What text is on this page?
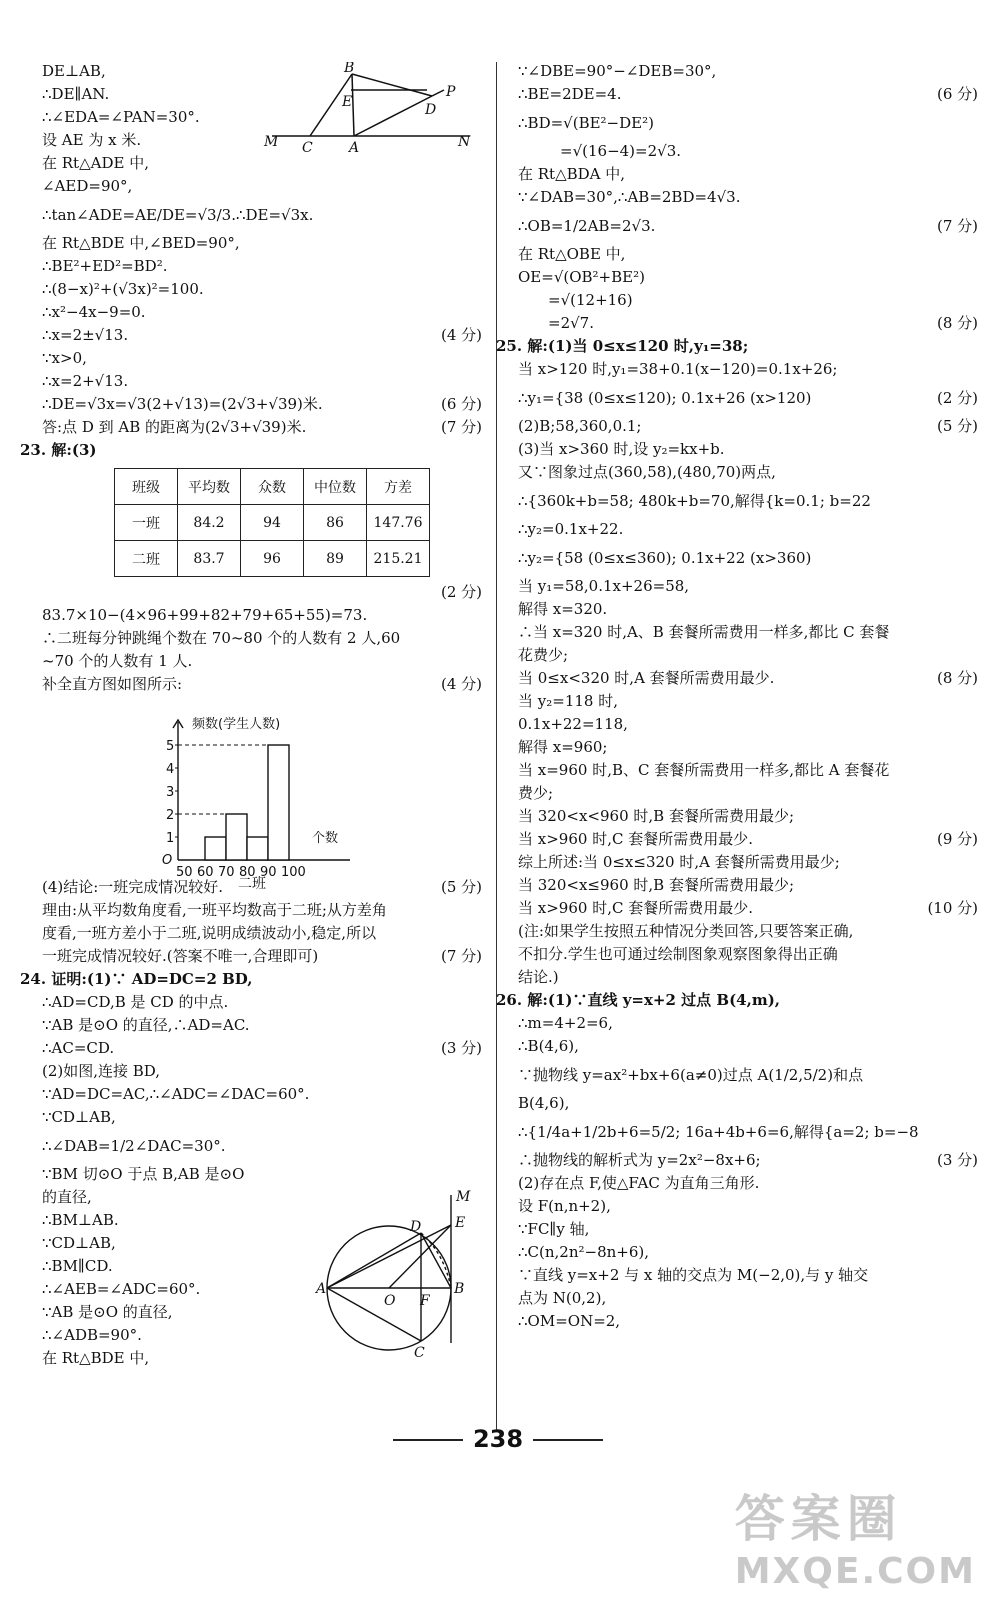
DE⊥AB,
∴DE∥AN.
∴∠EDA=∠PAN=30°.
设 AE 为 x 米.
在 Rt△ADE 中,
∠AED=90°,
∴tan∠ADE=AE/DE=√3/3.∴DE=√3x.
在 Rt△BDE 中,∠BED=90°,
∴BE²+ED²=BD².
∴(8−x)²+(√3x)²=100.
∴x²−4x−9=0.
∴x=2±√13.	(4 分)
∵x>0,
∴x=2+√13.
∴DE=√3x=√3(2+√13)=(2√3+√39)米.	(6 分)
答:点 D 到 AB 的距离为(2√3+√39)米.	(7 分)
23. 解:(3)
班级	平均数	众数	中位数	方差
一班	84.2	94	86	147.76
二班	83.7	96	89	215.21
(2 分)
83.7×10−(4×96+99+82+79+65+55)=73.
∴二班每分钟跳绳个数在 70~80 个的人数有 2 人,60
~70 个的人数有 1 人.
补全直方图如图所示:	(4 分)
(4)结论:一班完成情况较好.	(5 分)
理由:从平均数角度看,一班平均数高于二班;从方差角
度看,一班方差小于二班,说明成绩波动小,稳定,所以
一班完成情况较好.(答案不唯一,合理即可)	(7 分)
24. 证明:(1)∵ AD=DC=2 BD,
∴AD=CD,B 是 CD 的中点.
∵AB 是⊙O 的直径,∴AD=AC.
∴AC=CD.	(3 分)
(2)如图,连接 BD,
∵AD=DC=AC,∴∠ADC=∠DAC=60°.
∵CD⊥AB,
∴∠DAB=1/2∠DAC=30°.
∵BM 切⊙O 于点 B,AB 是⊙O
的直径,
∴BM⊥AB.
∵CD⊥AB,
∴BM∥CD.
∴∠AEB=∠ADC=60°.
∵AB 是⊙O 的直径,
∴∠ADB=90°.
在 Rt△BDE 中,
B
P
E	D
M C	A	N
1
2
3
4
5
50 60 70 80 90 100
频数(学生人数)
个数
O
二班
M
D E
A
O F
B
C
∵∠DBE=90°−∠DEB=30°,
∴BE=2DE=4.	(6 分)
∴BD=√(BE²−DE²)
=√(16−4)=2√3.
在 Rt△BDA 中,
∵∠DAB=30°,∴AB=2BD=4√3.
∴OB=1/2AB=2√3.	(7 分)
在 Rt△OBE 中,
OE=√(OB²+BE²)
=√(12+16)
=2√7.	(8 分)
25. 解:(1)当 0≤x≤120 时,y₁=38;
当 x>120 时,y₁=38+0.1(x−120)=0.1x+26;
∴y₁={38 (0≤x≤120); 0.1x+26 (x>120)	(2 分)
(2)B;58,360,0.1;	(5 分)
(3)当 x>360 时,设 y₂=kx+b.
又∵图象过点(360,58),(480,70)两点,
∴{360k+b=58; 480k+b=70,解得{k=0.1; b=22
∴y₂=0.1x+22.
∴y₂={58 (0≤x≤360); 0.1x+22 (x>360)
当 y₁=58,0.1x+26=58,
解得 x=320.
∴当 x=320 时,A、B 套餐所需费用一样多,都比 C 套餐
花费少;
当 0≤x<320 时,A 套餐所需费用最少.	(8 分)
当 y₂=118 时,
0.1x+22=118,
解得 x=960;
当 x=960 时,B、C 套餐所需费用一样多,都比 A 套餐花
费少;
当 320<x<960 时,B 套餐所需费用最少;
当 x>960 时,C 套餐所需费用最少.	(9 分)
综上所述:当 0≤x≤320 时,A 套餐所需费用最少;
当 320<x≤960 时,B 套餐所需费用最少;
当 x>960 时,C 套餐所需费用最少.	(10 分)
(注:如果学生按照五种情况分类回答,只要答案正确,
不扣分.学生也可通过绘制图象观察图象得出正确
结论.)
26. 解:(1)∵直线 y=x+2 过点 B(4,m),
∴m=4+2=6,
∴B(4,6),
∵抛物线 y=ax²+bx+6(a≠0)过点 A(1/2,5/2)和点
B(4,6),
∴{1/4a+1/2b+6=5/2; 16a+4b+6=6,解得{a=2; b=−8
∴抛物线的解析式为 y=2x²−8x+6;	(3 分)
(2)存在点 F,使△FAC 为直角三角形.
设 F(n,n+2),
∵FC∥y 轴,
∴C(n,2n²−8n+6),
∵直线 y=x+2 与 x 轴的交点为 M(−2,0),与 y 轴交
点为 N(0,2),
∴OM=ON=2,
238
答案圈
MXQE.COM
